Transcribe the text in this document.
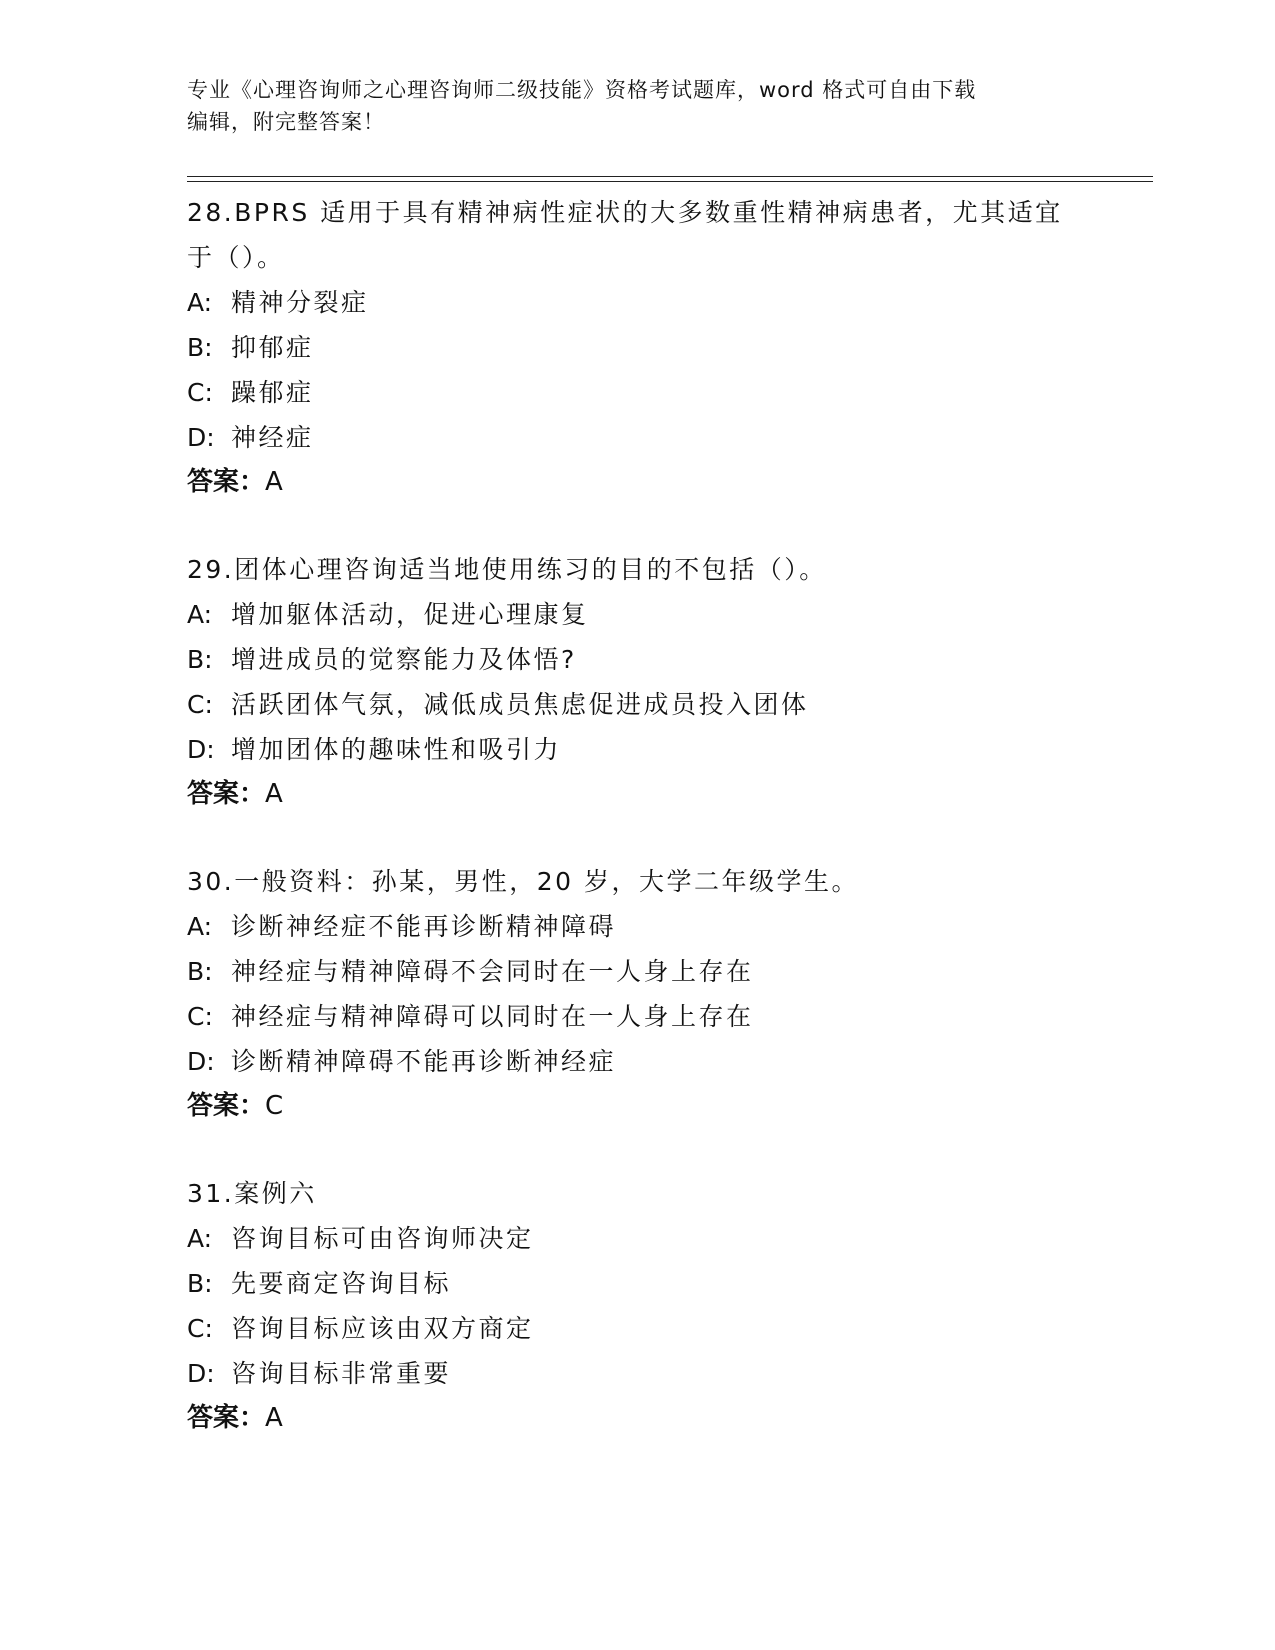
专业《心理咨询师之心理咨询师二级技能》资格考试题库，word 格式可自由下载
编辑，附完整答案！
28.BPRS 适用于具有精神病性症状的大多数重性精神病患者，尤其适宜
于（）。
A: 精神分裂症
B: 抑郁症
C: 躁郁症
D: 神经症
答案：A
29.团体心理咨询适当地使用练习的目的不包括（）。
A: 增加躯体活动，促进心理康复
B: 增进成员的觉察能力及体悟?
C: 活跃团体气氛，减低成员焦虑促进成员投入团体
D: 增加团体的趣味性和吸引力
答案：A
30.一般资料：孙某，男性，20 岁，大学二年级学生。
A: 诊断神经症不能再诊断精神障碍
B: 神经症与精神障碍不会同时在一人身上存在
C: 神经症与精神障碍可以同时在一人身上存在
D: 诊断精神障碍不能再诊断神经症
答案：C
31.案例六
A: 咨询目标可由咨询师决定
B: 先要商定咨询目标
C: 咨询目标应该由双方商定
D: 咨询目标非常重要
答案：A
